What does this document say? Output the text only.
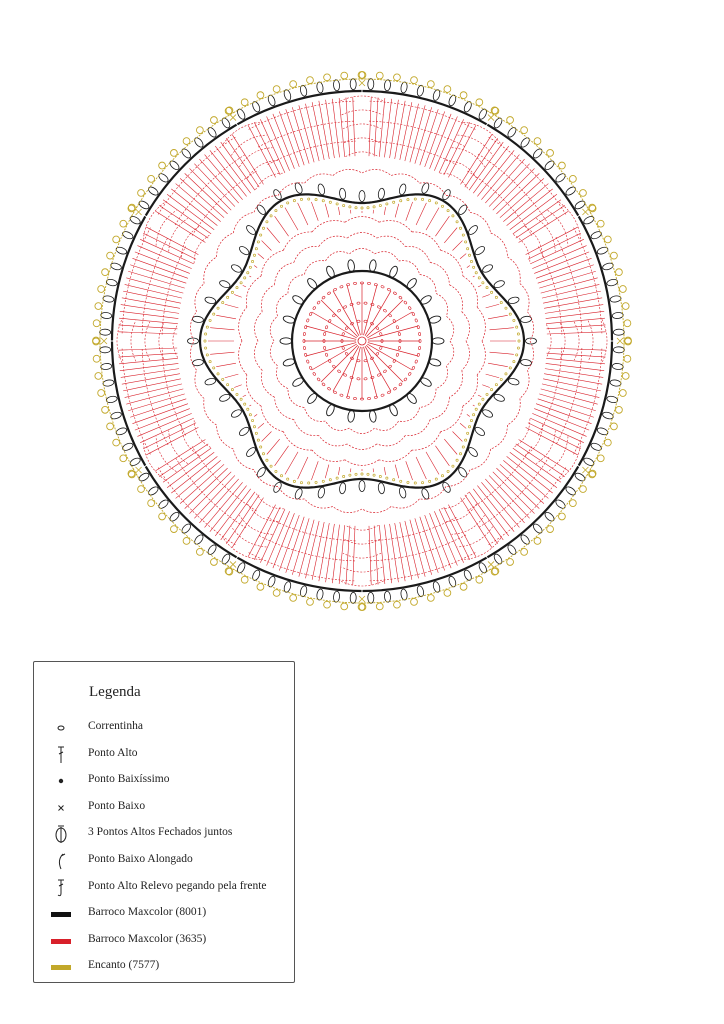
Legenda
Correntinha
Ponto Alto
Ponto Baixíssimo
Ponto Baixo
3 Pontos Altos Fechados juntos
Ponto Baixo Alongado
Ponto Alto Relevo pegando pela frente
Barroco Maxcolor (8001)
Barroco Maxcolor (3635)
Encanto (7577)
